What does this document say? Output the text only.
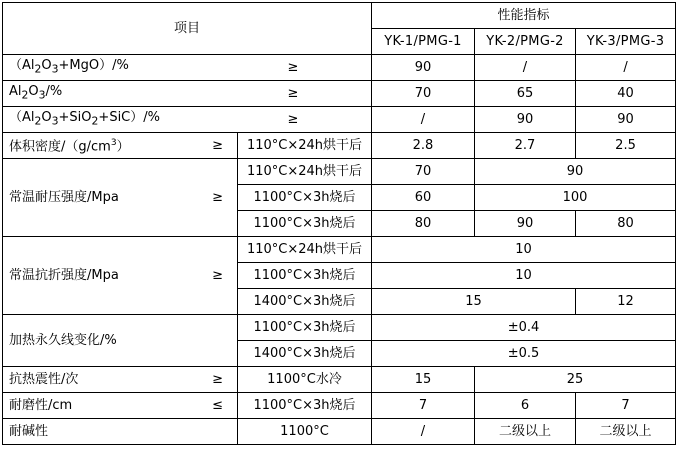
项目			性能指标		
			YK-1/PMG-1	YK-2/PMG-2	YK-3/PMG-3
$(Al_2O_3+MgO)/\%$		≥	90	/	/
$Al_2O_3/\%$		≥	70	65	40
$(Al_2O_3+SiO_2+SiC)/\%$		≥	/	90	90
体积密度$/(g/cm^3)$	≥	110°C×24h烘干后	2.8	2.7	2.5
常温耐压强度/Mpa	≥	110°C×24h烘干后	70	90	
		1100°C×3h烧后	60	100	
		1100°C×3h烧后	80	90	80
常温抗折强度/Mpa	≥	110°C×24h烘干后	10		
		1100°C×3h烧后	10		
		1400°C×3h烧后	15		12
加热永久线变化/%		1100°C×3h烧后	±0.4		
		1400°C×3h烧后	±0.5		
抗热震性/次	≥	1100°C水冷	15	25	
耐磨性/cm	≤	1100°C×3h烧后	7	6	7
耐碱性		1100°C	/	二级以上	二级以上
